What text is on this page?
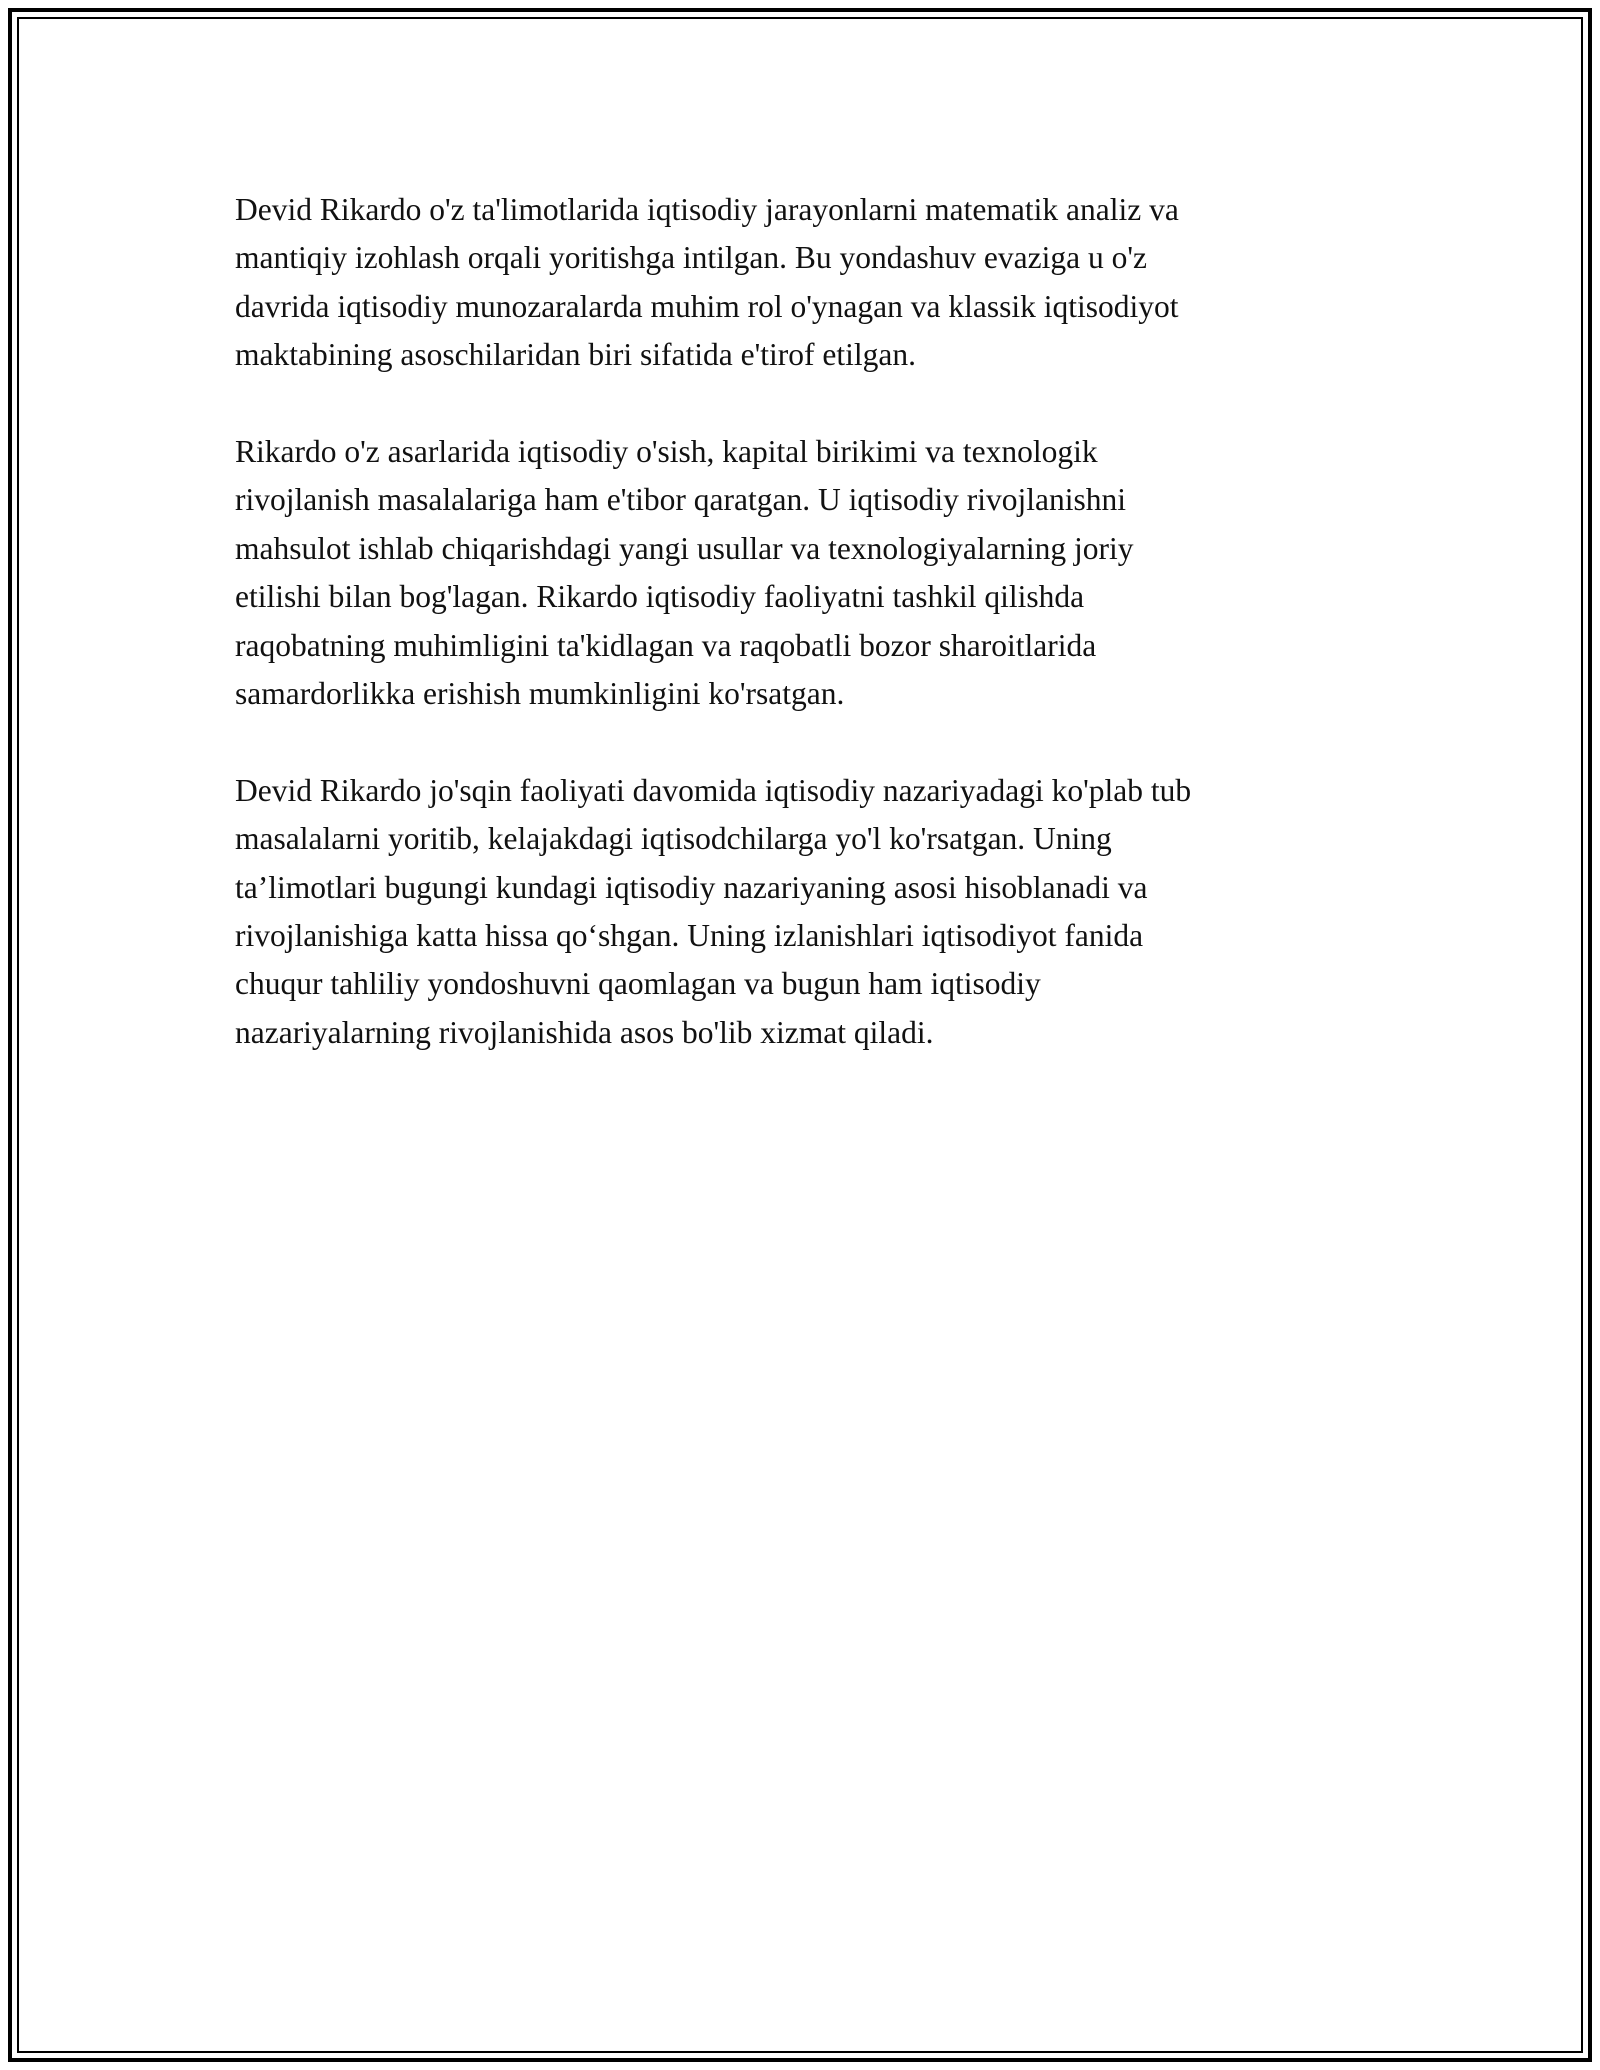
Devid Rikardo o'z ta'limotlarida iqtisodiy jarayonlarni matematik analiz va
mantiqiy izohlash orqali yoritishga intilgan. Bu yondashuv evaziga u o'z
davrida iqtisodiy munozaralarda muhim rol o'ynagan va klassik iqtisodiyot
maktabining asoschilaridan biri sifatida e'tirof etilgan.

Rikardo o'z asarlarida iqtisodiy o'sish, kapital birikimi va texnologik
rivojlanish masalalariga ham e'tibor qaratgan. U iqtisodiy rivojlanishni
mahsulot ishlab chiqarishdagi yangi usullar va texnologiyalarning joriy
etilishi bilan bog'lagan. Rikardo iqtisodiy faoliyatni tashkil qilishda
raqobatning muhimligini ta'kidlagan va raqobatli bozor sharoitlarida
samardorlikka erishish mumkinligini ko'rsatgan.

Devid Rikardo jo'sqin faoliyati davomida iqtisodiy nazariyadagi ko'plab tub
masalalarni yoritib, kelajakdagi iqtisodchilarga yo'l ko'rsatgan. Uning
ta’limotlari bugungi kundagi iqtisodiy nazariyaning asosi hisoblanadi va
rivojlanishiga katta hissa qo‘shgan. Uning izlanishlari iqtisodiyot fanida
chuqur tahliliy yondoshuvni qaomlagan va bugun ham iqtisodiy
nazariyalarning rivojlanishida asos bo'lib xizmat qiladi.
